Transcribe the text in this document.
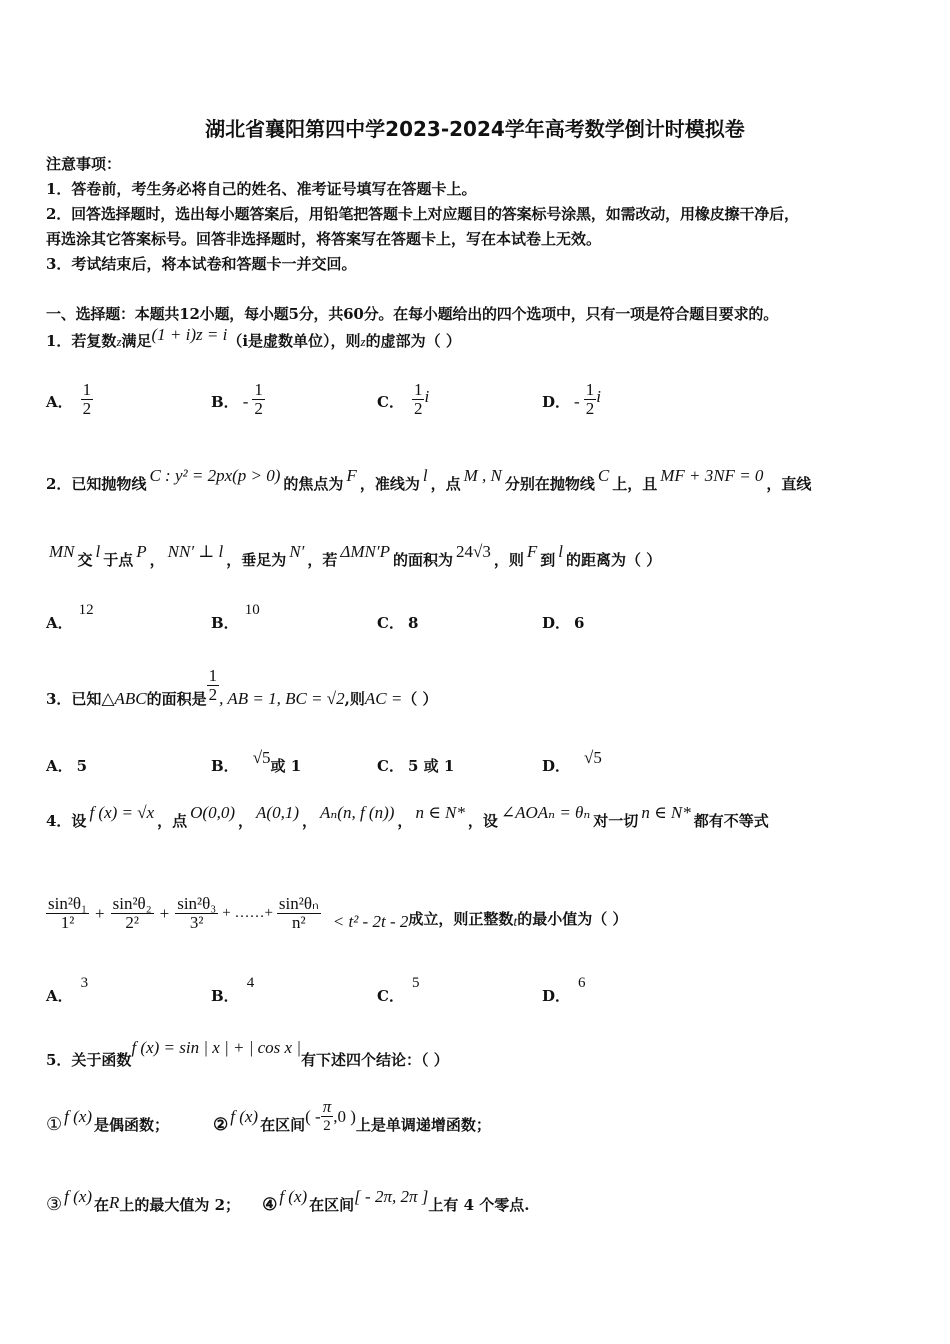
湖北省襄阳第四中学2023-2024学年高考数学倒计时模拟卷
注意事项：
1．答卷前，考生务必将自己的姓名、准考证号填写在答题卡上。
2．回答选择题时，选出每小题答案后，用铅笔把答题卡上对应题目的答案标号涂黑，如需改动，用橡皮擦干净后，
再选涂其它答案标号。回答非选择题时，将答案写在答题卡上，写在本试卷上无效。
3．考试结束后，将本试卷和答题卡一并交回。
一、选择题：本题共12小题，每小题5分，共60分。在每小题给出的四个选项中，只有一项是符合题目要求的。
1．若复数z满足(1 + i)z = i（i是虚数单位），则z的虚部为（ ）
A． $\frac{1}{2}$	B． - $\frac{1}{2}$	C． $\frac{1}{2}$ i	D． - $\frac{1}{2}$ i
2．已知抛物线 C : y² = 2px(p > 0) 的焦点为 F ，准线为 l ，点 M , N 分别在抛物线 C 上，且 MF + 3NF = 0 ，直线
MN 交 l 于点 P ， NN′ ⊥ l ，垂足为 N′ ，若 ΔMN′P 的面积为 24√3 ，则 F 到 l 的距离为（ ）
A．
12
B．
10
C． 8	D． 6
3．已知 △ABC 的面积是 $\frac{1}{2}$ , AB = 1, BC = √2 ,则 AC = （ ）
A． 5	B． √5 或 1	C． 5 或 1	D． √5
4．设 f (x) = √x ，点 O(0,0) ， A(0,1) ， Aₙ(n, f (n)) ， n ∈ N* ，设 ∠AOAₙ = θₙ 对一切 n ∈ N* 都有不等式
$\frac{\text{sin²θ₁}}{\text{1²}} + \frac{\text{sin²θ₂}}{\text{2²}} + \frac{\text{sin²θ₃}}{\text{3²}}$ + ……+ $\frac{\text{sin²θₙ}}{\text{n²}} < t^2 - 2t - 2$ 成立，则正整数 t 的最小值为（ ）
A．
3
B．
4
C．
5
D．
6
5．关于函数f (x) = sin | x | + | cos x |有下述四个结论：（ ）
① f (x) 是偶函数；	② f (x) 在区间 ( - $\frac{\pi}{2} ,0$ ) 上是单调递增函数；
③ f (x) 在 R 上的最大值为 2； ④ f (x) 在区间 [ - 2π, 2π ] 上有 4 个零点.
